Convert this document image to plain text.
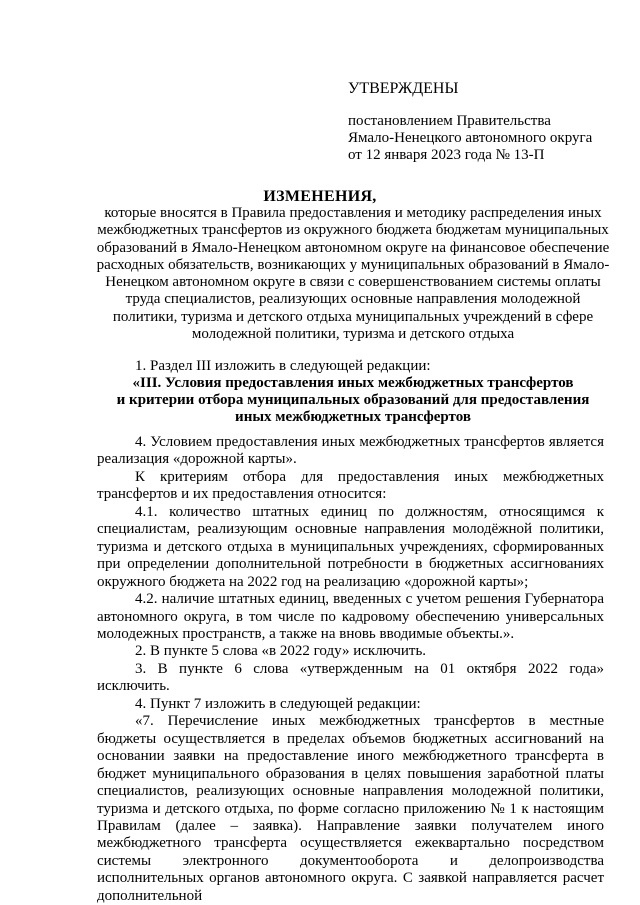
УТВЕРЖДЕНЫ
постановлением Правительства
Ямало-Ненецкого автономного округа
от 12 января 2023 года № 13-П
ИЗМЕНЕНИЯ,
которые вносятся в Правила предоставления и методику распределения иных межбюджетных трансфертов из окружного бюджета бюджетам муниципальных образований в Ямало-Ненецком автономном округе на финансовое обеспечение расходных обязательств, возникающих у муниципальных образований в Ямало-Ненецком автономном округе в связи с совершенствованием системы оплаты труда специалистов, реализующих основные направления молодежной политики, туризма и детского отдыха муниципальных учреждений в сфере молодежной политики, туризма и детского отдыха
1. Раздел III изложить в следующей редакции:
«III. Условия предоставления иных межбюджетных трансфертов
и критерии отбора муниципальных образований для предоставления
иных межбюджетных трансфертов

4. Условием предоставления иных межбюджетных трансфертов является реализация «дорожной карты».

К критериям отбора для предоставления иных межбюджетных трансфертов и их предоставления относится:

4.1. количество штатных единиц по должностям, относящимся к специалистам, реализующим основные направления молодёжной политики, туризма и детского отдыха в муниципальных учреждениях, сформированных при определении дополнительной потребности в бюджетных ассигнованиях окружного бюджета на 2022 год на реализацию «дорожной карты»;

4.2. наличие штатных единиц, введенных с учетом решения Губернатора автономного округа, в том числе по кадровому обеспечению универсальных молодежных пространств, а также на вновь вводимые объекты.».

2. В пункте 5 слова «в 2022 году» исключить.

3. В пункте 6 слова «утвержденным на 01 октября 2022 года» исключить.

4. Пункт 7 изложить в следующей редакции:

«7. Перечисление иных межбюджетных трансфертов в местные бюджеты осуществляется в пределах объемов бюджетных ассигнований на основании заявки на предоставление иного межбюджетного трансферта в бюджет муниципального образования в целях повышения заработной платы специалистов, реализующих основные направления молодежной политики, туризма и детского отдыха, по форме согласно приложению № 1 к настоящим Правилам (далее – заявка). Направление заявки получателем иного межбюджетного трансферта осуществляется ежеквартально посредством системы электронного документооборота и делопроизводства исполнительных органов автономного округа. С заявкой направляется расчет дополнительной
